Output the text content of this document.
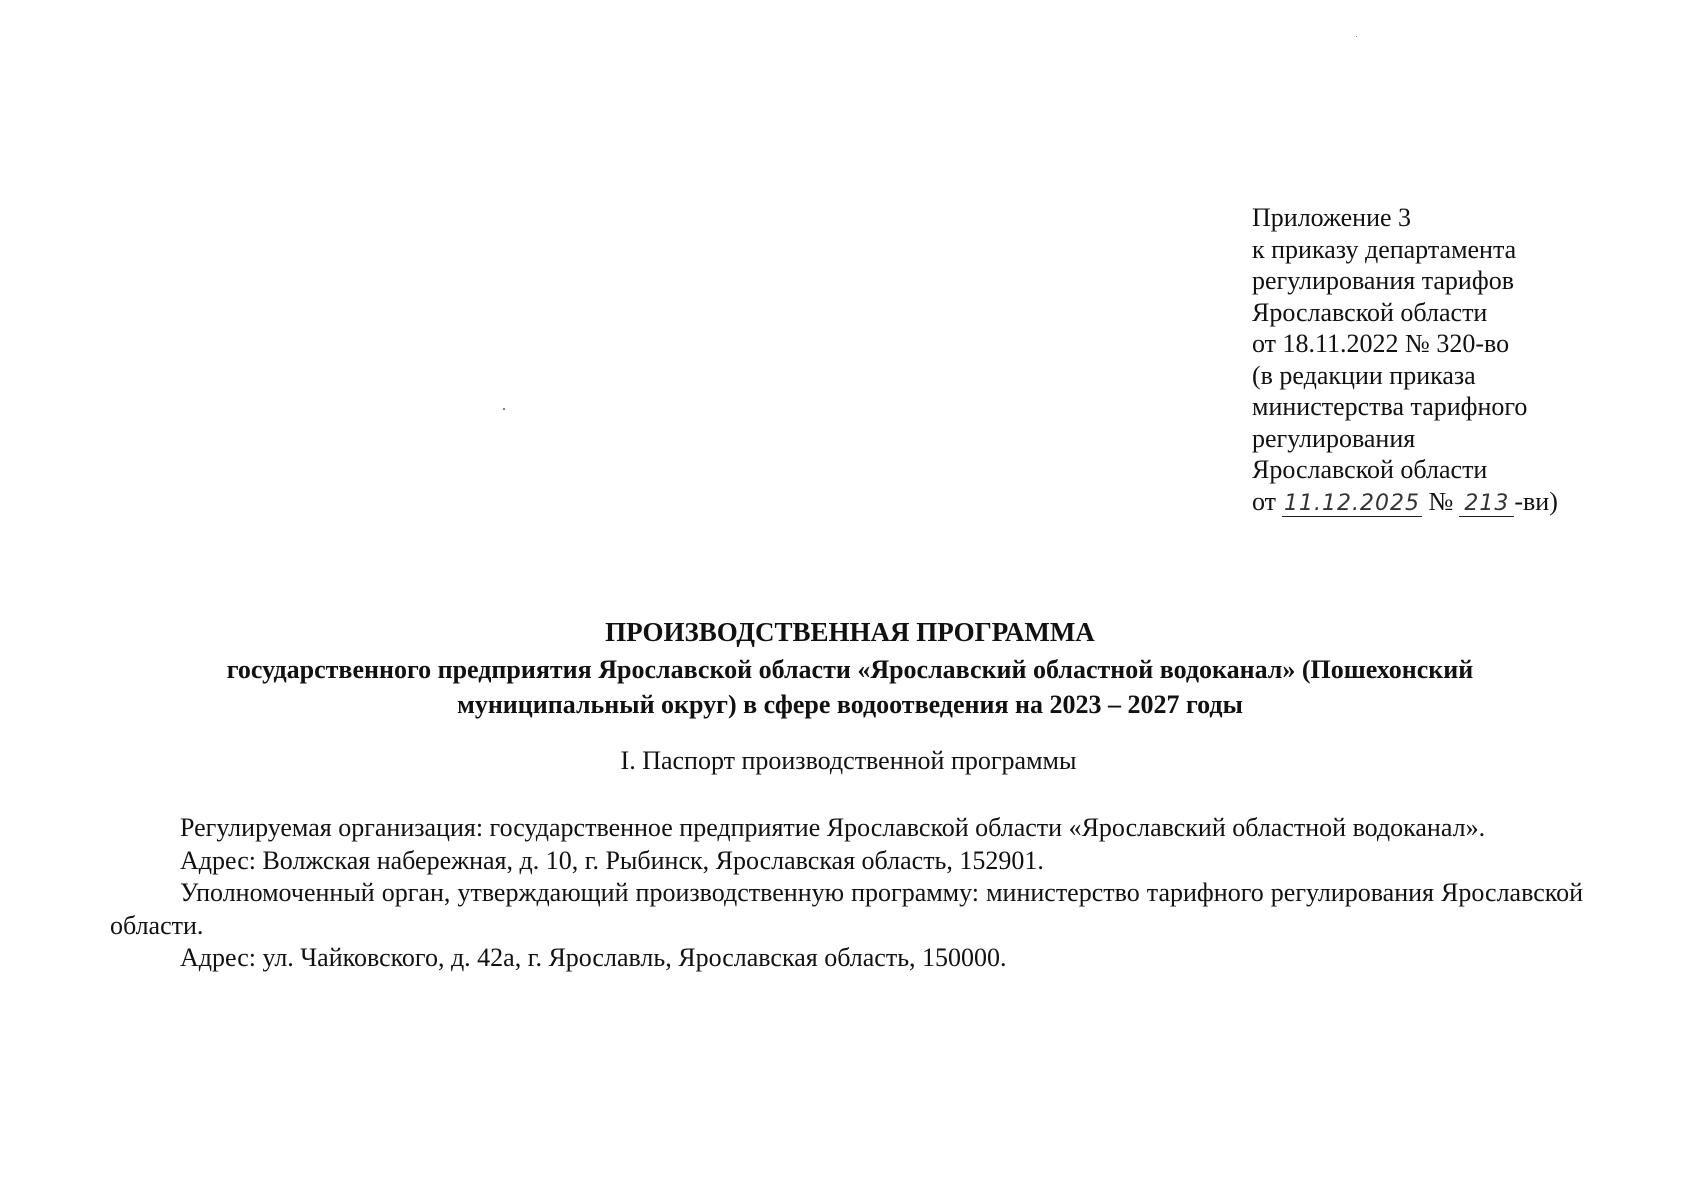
Приложение 3
к приказу департамента
регулирования тарифов
Ярославской области
от 18.11.2022 № 320-во
(в редакции приказа
министерства тарифного
регулирования
Ярославской области
от 11.12.2025 № 213 -ви)
ПРОИЗВОДСТВЕННАЯ ПРОГРАММА
государственного предприятия Ярославской области «Ярославский областной водоканал» (Пошехонский
муниципальный округ) в сфере водоотведения на 2023 – 2027 годы
I. Паспорт производственной программы

Регулируемая организация: государственное предприятие Ярославской области «Ярославский областной водоканал».

Адрес: Волжская набережная, д. 10, г. Рыбинск, Ярославская область, 152901.

Уполномоченный орган, утверждающий производственную программу: министерство тарифного регулирования Ярославской области.

Адрес: ул. Чайковского, д. 42а, г. Ярославль, Ярославская область, 150000.
